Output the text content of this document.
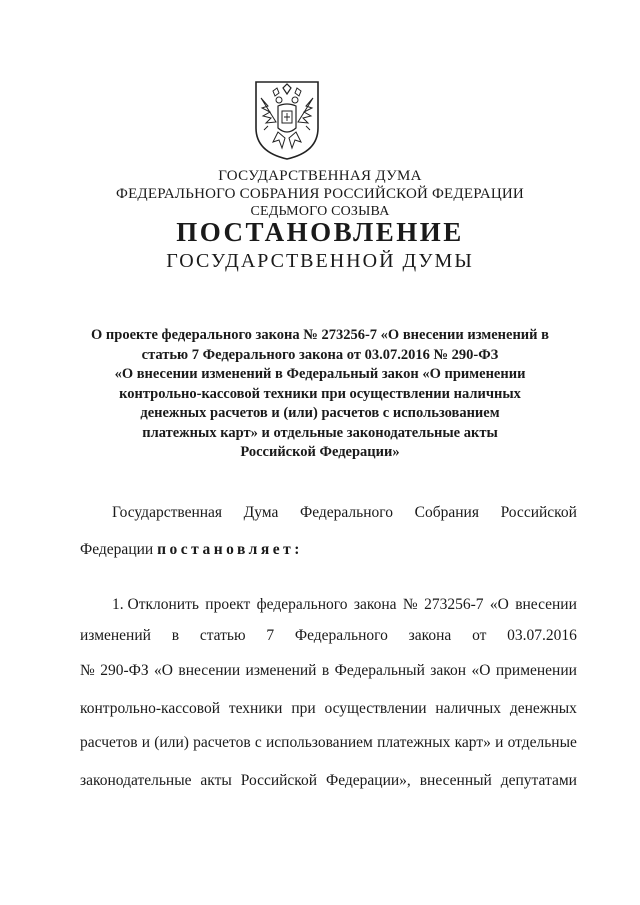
ГОСУДАРСТВЕННАЯ ДУМА
ФЕДЕРАЛЬНОГО СОБРАНИЯ РОССИЙСКОЙ ФЕДЕРАЦИИ
СЕДЬМОГО СОЗЫВА
ПОСТАНОВЛЕНИЕ
ГОСУДАРСТВЕННОЙ ДУМЫ
О проекте федерального закона № 273256-7 «О внесении изменений в
статью 7 Федерального закона от 03.07.2016 № 290-ФЗ
«О внесении изменений в Федеральный закон «О применении
контрольно-кассовой техники при осуществлении наличных
денежных расчетов и (или) расчетов с использованием
платежных карт» и отдельные законодательные акты
Российской Федерации»
Государственная Дума Федерального Собрания Российской
Федерации постановляет:
1. Отклонить проект федерального закона № 273256-7 «О внесении
изменений в статью 7 Федерального закона от 03.07.2016
№ 290-ФЗ «О внесении изменений в Федеральный закон «О применении
контрольно-кассовой техники при осуществлении наличных денежных
расчетов и (или) расчетов с использованием платежных карт» и отдельные
законодательные акты Российской Федерации», внесенный депутатами
